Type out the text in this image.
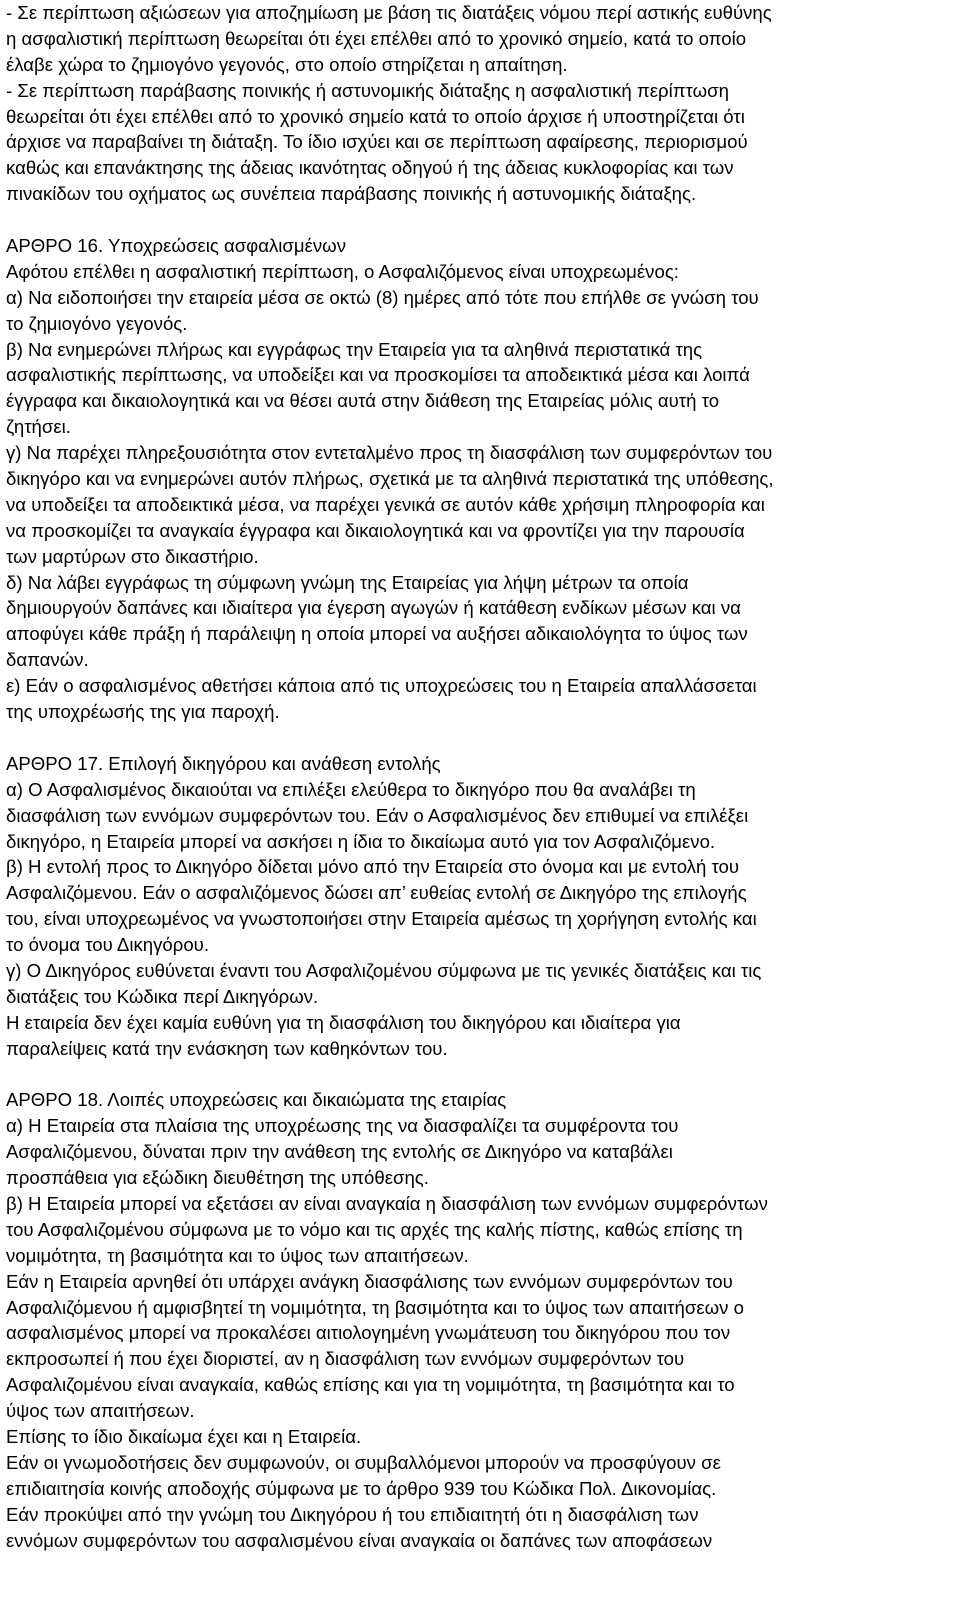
- Σε περίπτωση αξιώσεων για αποζημίωση με βάση τις διατάξεις νόμου περί αστικής ευθύνης
η ασφαλιστική περίπτωση θεωρείται ότι έχει επέλθει από το χρονικό σημείο, κατά το οποίο
έλαβε χώρα το ζημιογόνο γεγονός, στο οποίο στηρίζεται η απαίτηση.
- Σε περίπτωση παράβασης ποινικής ή αστυνομικής διάταξης η ασφαλιστική περίπτωση
θεωρείται ότι έχει επέλθει από το χρονικό σημείο κατά το οποίο άρχισε ή υποστηρίζεται ότι
άρχισε να παραβαίνει τη διάταξη. Το ίδιο ισχύει και σε περίπτωση αφαίρεσης, περιορισμού
καθώς και επανάκτησης της άδειας ικανότητας οδηγού ή της άδειας κυκλοφορίας και των
πινακίδων του οχήματος ως συνέπεια παράβασης ποινικής ή αστυνομικής διάταξης.
ΑΡΘΡΟ 16. Υποχρεώσεις ασφαλισμένων
Αφότου επέλθει η ασφαλιστική περίπτωση, ο Ασφαλιζόμενος είναι υποχρεωμένος:
α) Να ειδοποιήσει την εταιρεία μέσα σε οκτώ (8) ημέρες από τότε που επήλθε σε γνώση του
το ζημιογόνο γεγονός.
β) Να ενημερώνει πλήρως και εγγράφως την Εταιρεία για τα αληθινά περιστατικά της
ασφαλιστικής περίπτωσης, να υποδείξει και να προσκομίσει τα αποδεικτικά μέσα και λοιπά
έγγραφα και δικαιολογητικά και να θέσει αυτά στην διάθεση της Εταιρείας μόλις αυτή το
ζητήσει.
γ) Να παρέχει πληρεξουσιότητα στον εντεταλμένο προς τη διασφάλιση των συμφερόντων του
δικηγόρο και να ενημερώνει αυτόν πλήρως, σχετικά με τα αληθινά περιστατικά της υπόθεσης,
να υποδείξει τα αποδεικτικά μέσα, να παρέχει γενικά σε αυτόν κάθε χρήσιμη πληροφορία και
να προσκομίζει τα αναγκαία έγγραφα και δικαιολογητικά και να φροντίζει για την παρουσία
των μαρτύρων στο δικαστήριο.
δ) Να λάβει εγγράφως τη σύμφωνη γνώμη της Εταιρείας για λήψη μέτρων τα οποία
δημιουργούν δαπάνες και ιδιαίτερα για έγερση αγωγών ή κατάθεση ενδίκων μέσων και να
αποφύγει κάθε πράξη ή παράλειψη η οποία μπορεί να αυξήσει αδικαιολόγητα το ύψος των
δαπανών.
ε) Εάν ο ασφαλισμένος αθετήσει κάποια από τις υποχρεώσεις του η Εταιρεία απαλλάσσεται
της υποχρέωσής της για παροχή.
ΑΡΘΡΟ 17. Επιλογή δικηγόρου και ανάθεση εντολής
α) Ο Ασφαλισμένος δικαιούται να επιλέξει ελεύθερα το δικηγόρο που θα αναλάβει τη
διασφάλιση των εννόμων συμφερόντων του. Εάν ο Ασφαλισμένος δεν επιθυμεί να επιλέξει
δικηγόρο, η Εταιρεία μπορεί να ασκήσει η ίδια το δικαίωμα αυτό για τον Ασφαλιζόμενο.
β) Η εντολή προς το Δικηγόρο δίδεται μόνο από την Εταιρεία στο όνομα και με εντολή του
Ασφαλιζόμενου. Εάν ο ασφαλιζόμενος δώσει απ’ ευθείας εντολή σε Δικηγόρο της επιλογής
του, είναι υποχρεωμένος να γνωστοποιήσει στην Εταιρεία αμέσως τη χορήγηση εντολής και
το όνομα του Δικηγόρου.
γ) Ο Δικηγόρος ευθύνεται έναντι του Ασφαλιζομένου σύμφωνα με τις γενικές διατάξεις και τις
διατάξεις του Κώδικα περί Δικηγόρων.
Η εταιρεία δεν έχει καμία ευθύνη για τη διασφάλιση του δικηγόρου και ιδιαίτερα για
παραλείψεις κατά την ενάσκηση των καθηκόντων του.
ΑΡΘΡΟ 18. Λοιπές υποχρεώσεις και δικαιώματα της εταιρίας
α) Η Εταιρεία στα πλαίσια της υποχρέωσης της να διασφαλίζει τα συμφέροντα του
Ασφαλιζόμενου, δύναται πριν την ανάθεση της εντολής σε Δικηγόρο να καταβάλει
προσπάθεια για εξώδικη διευθέτηση της υπόθεσης.
β) Η Εταιρεία μπορεί να εξετάσει αν είναι αναγκαία η διασφάλιση των εννόμων συμφερόντων
του Ασφαλιζομένου σύμφωνα με το νόμο και τις αρχές της καλής πίστης, καθώς επίσης τη
νομιμότητα, τη βασιμότητα και το ύψος των απαιτήσεων.
Εάν η Εταιρεία αρνηθεί ότι υπάρχει ανάγκη διασφάλισης των εννόμων συμφερόντων του
Ασφαλιζόμενου ή αμφισβητεί τη νομιμότητα, τη βασιμότητα και το ύψος των απαιτήσεων ο
ασφαλισμένος μπορεί να προκαλέσει αιτιολογημένη γνωμάτευση του δικηγόρου που τον
εκπροσωπεί ή που έχει διοριστεί, αν η διασφάλιση των εννόμων συμφερόντων του
Ασφαλιζομένου είναι αναγκαία, καθώς επίσης και για τη νομιμότητα, τη βασιμότητα και το
ύψος των απαιτήσεων.
Επίσης το ίδιο δικαίωμα έχει και η Εταιρεία.
Εάν οι γνωμοδοτήσεις δεν συμφωνούν, οι συμβαλλόμενοι μπορούν να προσφύγουν σε
επιδιαιτησία κοινής αποδοχής σύμφωνα με το άρθρο 939 του Κώδικα Πολ. Δικονομίας.
Εάν προκύψει από την γνώμη του Δικηγόρου ή του επιδιαιτητή ότι η διασφάλιση των
εννόμων συμφερόντων του ασφαλισμένου είναι αναγκαία οι δαπάνες των αποφάσεων
